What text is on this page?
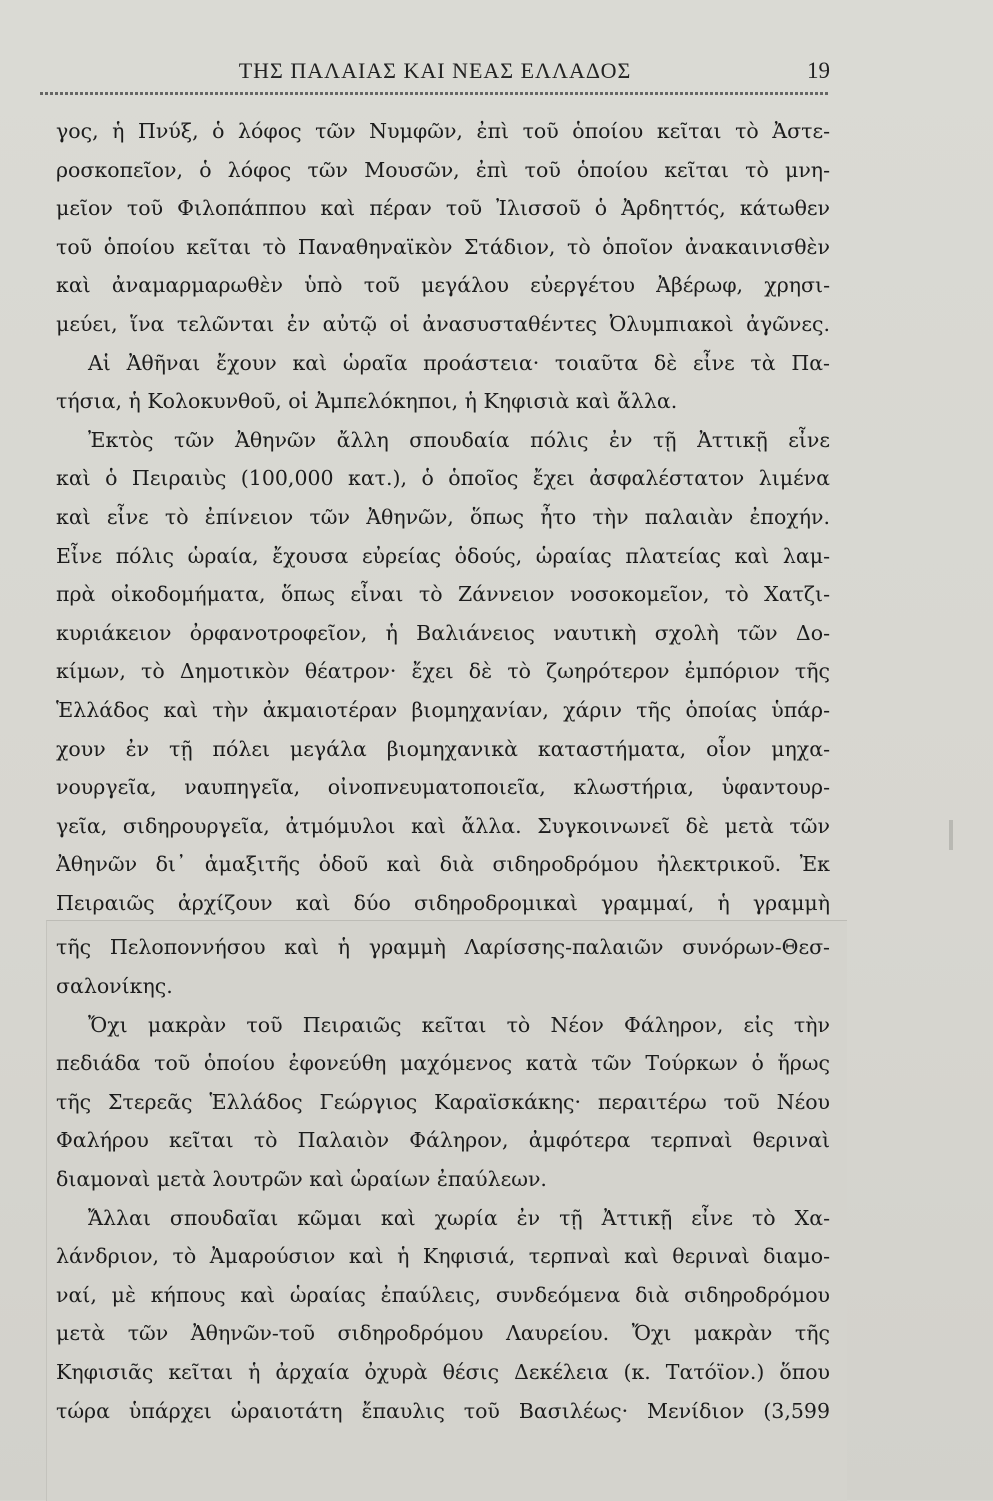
ΤΗΣ ΠΑΛΑΙΑΣ ΚΑΙ ΝΕΑΣ ΕΛΛΑΔΟΣ	19
γος, ἡ Πνύξ, ὁ λόφος τῶν Νυμφῶν, ἐπὶ τοῦ ὁποίου κεῖται τὸ Ἀστε-
ροσκοπεῖον, ὁ λόφος τῶν Μουσῶν, ἐπὶ τοῦ ὁποίου κεῖται τὸ μνη-
μεῖον τοῦ Φιλοπάππου καὶ πέραν τοῦ Ἰλισσοῦ ὁ Ἀρδηττός, κάτωθεν
τοῦ ὁποίου κεῖται τὸ Παναθηναϊκὸν Στάδιον, τὸ ὁποῖον ἀνακαινισθὲν
καὶ ἀναμαρμαρωθὲν ὑπὸ τοῦ μεγάλου εὐεργέτου Ἀβέρωφ, χρησι-
μεύει, ἵνα τελῶνται ἐν αὐτῷ οἱ ἀνασυσταθέντες Ὀλυμπιακοὶ ἀγῶνες.
Αἱ Ἀθῆναι ἔχουν καὶ ὡραῖα προάστεια· τοιαῦτα δὲ εἶνε τὰ Πα-
τήσια, ἡ Κολοκυνθοῦ, οἱ Ἀμπελόκηποι, ἡ Κηφισιὰ καὶ ἄλλα.
Ἐκτὸς τῶν Ἀθηνῶν ἄλλη σπουδαία πόλις ἐν τῇ Ἀττικῇ εἶνε
καὶ ὁ Πειραιὺς (100,000 κατ.), ὁ ὁποῖος ἔχει ἀσφαλέστατον λιμένα
καὶ εἶνε τὸ ἐπίνειον τῶν Ἀθηνῶν, ὅπως ἦτο τὴν παλαιὰν ἐποχήν.
Εἶνε πόλις ὡραία, ἔχουσα εὐρείας ὁδούς, ὡραίας πλατείας καὶ λαμ-
πρὰ οἰκοδομήματα, ὅπως εἶναι τὸ Ζάννειον νοσοκομεῖον, τὸ Χατζι-
κυριάκειον ὀρφανοτροφεῖον, ἡ Βαλιάνειος ναυτικὴ σχολὴ τῶν Δο-
κίμων, τὸ Δημοτικὸν θέατρον· ἔχει δὲ τὸ ζωηρότερον ἐμπόριον τῆς
Ἑλλάδος καὶ τὴν ἀκμαιοτέραν βιομηχανίαν, χάριν τῆς ὁποίας ὑπάρ-
χουν ἐν τῇ πόλει μεγάλα βιομηχανικὰ καταστήματα, οἷον μηχα-
νουργεῖα, ναυπηγεῖα, οἰνοπνευματοποιεῖα, κλωστήρια, ὑφαντουρ-
γεῖα, σιδηρουργεῖα, ἀτμόμυλοι καὶ ἄλλα. Συγκοινωνεῖ δὲ μετὰ τῶν
Ἀθηνῶν δι᾽ ἁμαξιτῆς ὁδοῦ καὶ διὰ σιδηροδρόμου ἠλεκτρικοῦ. Ἐκ
Πειραιῶς ἀρχίζουν καὶ δύο σιδηροδρομικαὶ γραμμαί, ἡ γραμμὴ
τῆς Πελοποννήσου καὶ ἡ γραμμὴ Λαρίσσης-παλαιῶν συνόρων-Θεσ-
σαλονίκης.
Ὄχι μακρὰν τοῦ Πειραιῶς κεῖται τὸ Νέον Φάληρον, εἰς τὴν
πεδιάδα τοῦ ὁποίου ἐφονεύθη μαχόμενος κατὰ τῶν Τούρκων ὁ ἥρως
τῆς Στερεᾶς Ἑλλάδος Γεώργιος Καραϊσκάκης· περαιτέρω τοῦ Νέου
Φαλήρου κεῖται τὸ Παλαιὸν Φάληρον, ἀμφότερα τερπναὶ θεριναὶ
διαμοναὶ μετὰ λουτρῶν καὶ ὡραίων ἐπαύλεων.
Ἄλλαι σπουδαῖαι κῶμαι καὶ χωρία ἐν τῇ Ἀττικῇ εἶνε τὸ Χα-
λάνδριον, τὸ Ἀμαρούσιον καὶ ἡ Κηφισιά, τερπναὶ καὶ θεριναὶ διαμο-
ναί, μὲ κήπους καὶ ὡραίας ἐπαύλεις, συνδεόμενα διὰ σιδηροδρόμου
μετὰ τῶν Ἀθηνῶν-τοῦ σιδηροδρόμου Λαυρείου. Ὄχι μακρὰν τῆς
Κηφισιᾶς κεῖται ἡ ἀρχαία ὀχυρὰ θέσις Δεκέλεια (κ. Τατόϊον.) ὅπου
τώρα ὑπάρχει ὡραιοτάτη ἔπαυλις τοῦ Βασιλέως· Μενίδιον (3,599
